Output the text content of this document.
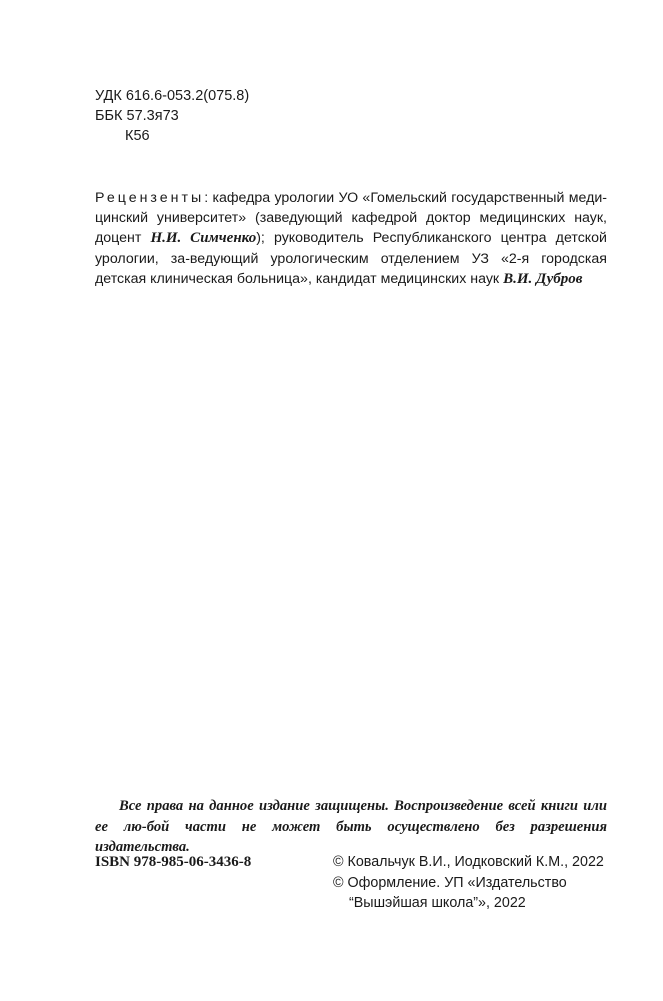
УДК 616.6-053.2(075.8)
ББК 57.3я73
К56
Рецензенты: кафедра урологии УО «Гомельский государственный меди-цинский университет» (заведующий кафедрой доктор медицинских наук, доцент Н.И. Симченко); руководитель Республиканского центра детской урологии, за-ведующий урологическим отделением УЗ «2-я городская детская клиническая больница», кандидат медицинских наук В.И. Дубров
Все права на данное издание защищены. Воспроизведение всей книги или ее лю-бой части не может быть осуществлено без разрешения издательства.
ISBN 978-985-06-3436-8	© Ковальчук В.И., Иодковский К.М., 2022
© Оформление. УП «Издательство
“Вышэйшая школа”», 2022
